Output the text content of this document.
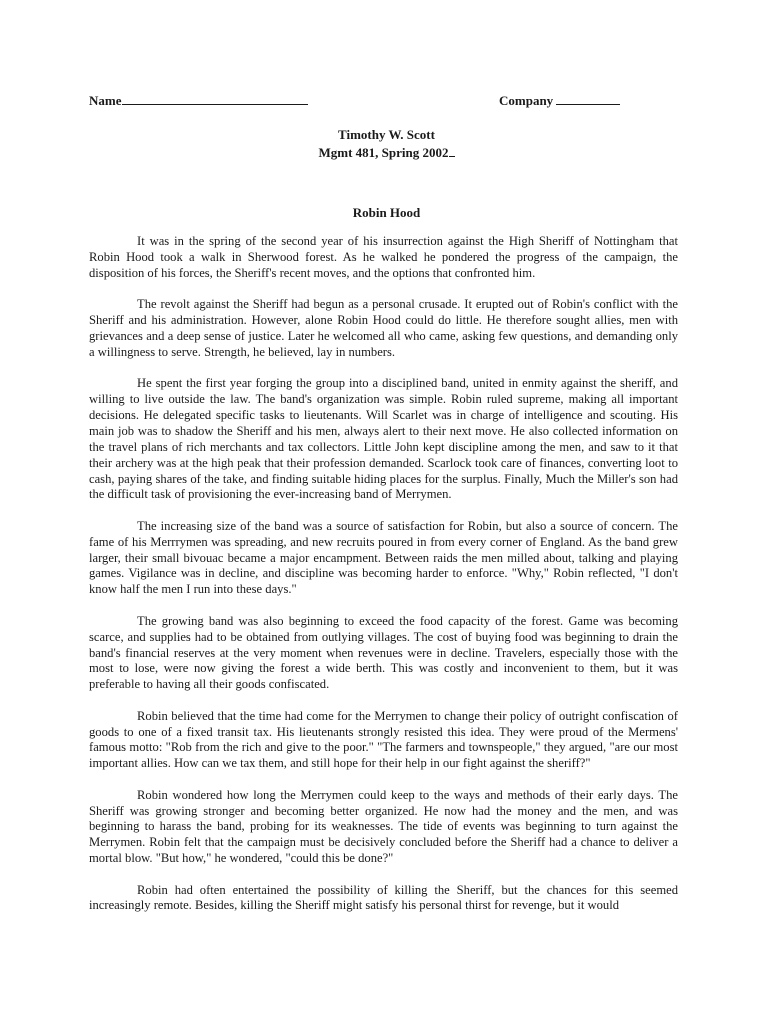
Name	Company
Timothy W. Scott
Mgmt 481, Spring 2002
Robin Hood

It was in the spring of the second year of his insurrection against the High Sheriff of Nottingham that Robin Hood took a walk in Sherwood forest. As he walked he pondered the progress of the campaign, the disposition of his forces, the Sheriff's recent moves, and the options that confronted him.

The revolt against the Sheriff had begun as a personal crusade. It erupted out of Robin's conflict with the Sheriff and his administration. However, alone Robin Hood could do little. He therefore sought allies, men with grievances and a deep sense of justice. Later he welcomed all who came, asking few questions, and demanding only a willingness to serve. Strength, he believed, lay in numbers.

He spent the first year forging the group into a disciplined band, united in enmity against the sheriff, and willing to live outside the law. The band's organization was simple. Robin ruled supreme, making all important decisions. He delegated specific tasks to lieutenants. Will Scarlet was in charge of intelligence and scouting. His main job was to shadow the Sheriff and his men, always alert to their next move. He also collected information on the travel plans of rich merchants and tax collectors. Little John kept discipline among the men, and saw to it that their archery was at the high peak that their profession demanded. Scarlock took care of finances, converting loot to cash, paying shares of the take, and finding suitable hiding places for the surplus. Finally, Much the Miller's son had the difficult task of provisioning the ever-increasing band of Merrymen.

The increasing size of the band was a source of satisfaction for Robin, but also a source of concern. The fame of his Merrrymen was spreading, and new recruits poured in from every corner of England. As the band grew larger, their small bivouac became a major encampment. Between raids the men milled about, talking and playing games. Vigilance was in decline, and discipline was becoming harder to enforce. "Why," Robin reflected, "I don't know half the men I run into these days."

The growing band was also beginning to exceed the food capacity of the forest. Game was becoming scarce, and supplies had to be obtained from outlying villages. The cost of buying food was beginning to drain the band's financial reserves at the very moment when revenues were in decline. Travelers, especially those with the most to lose, were now giving the forest a wide berth. This was costly and inconvenient to them, but it was preferable to having all their goods confiscated.

Robin believed that the time had come for the Merrymen to change their policy of outright confiscation of goods to one of a fixed transit tax. His lieutenants strongly resisted this idea. They were proud of the Mermens' famous motto: "Rob from the rich and give to the poor." "The farmers and townspeople," they argued, "are our most important allies. How can we tax them, and still hope for their help in our fight against the sheriff?"

Robin wondered how long the Merrymen could keep to the ways and methods of their early days. The Sheriff was growing stronger and becoming better organized. He now had the money and the men, and was beginning to harass the band, probing for its weaknesses. The tide of events was beginning to turn against the Merrymen. Robin felt that the campaign must be decisively concluded before the Sheriff had a chance to deliver a mortal blow. "But how," he wondered, "could this be done?"

Robin had often entertained the possibility of killing the Sheriff, but the chances for this seemed increasingly remote. Besides, killing the Sheriff might satisfy his personal thirst for revenge, but it would
